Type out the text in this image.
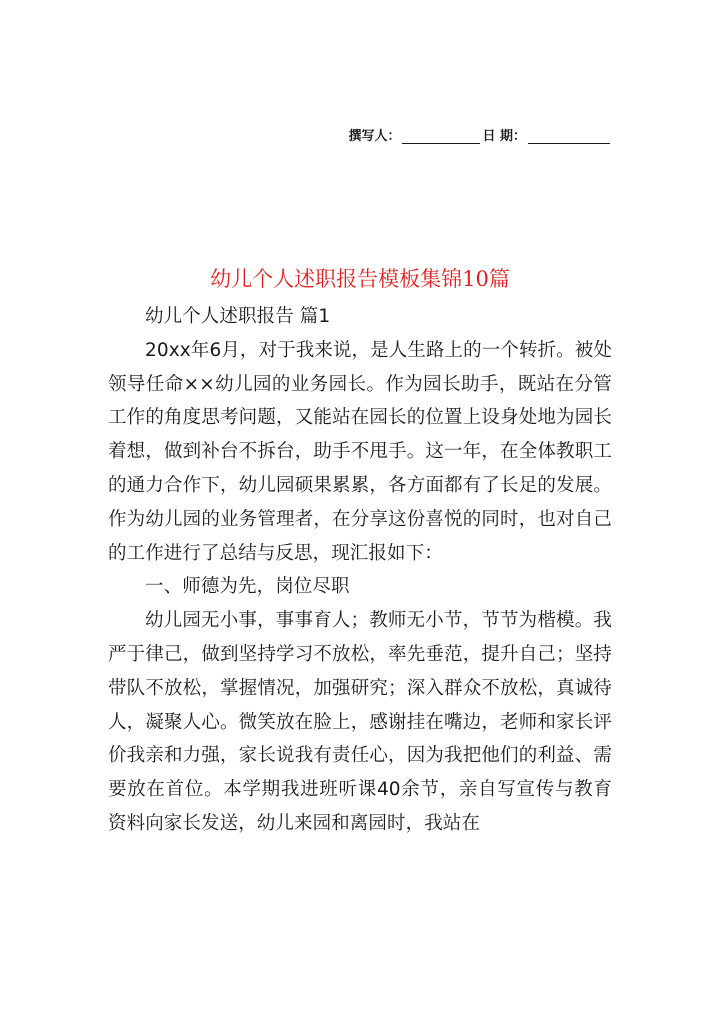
撰写人：	日 期：
幼儿个人述职报告模板集锦10篇

幼儿个人述职报告 篇1

20xx年6月，对于我来说，是人生路上的一个转折。被处领导任命××幼儿园的业务园长。作为园长助手，既站在分管工作的角度思考问题，又能站在园长的位置上设身处地为园长着想，做到补台不拆台，助手不甩手。这一年，在全体教职工的通力合作下，幼儿园硕果累累，各方面都有了长足的发展。作为幼儿园的业务管理者，在分享这份喜悦的同时，也对自己的工作进行了总结与反思，现汇报如下：

一、师德为先，岗位尽职

幼儿园无小事，事事育人；教师无小节，节节为楷模。我严于律己，做到坚持学习不放松，率先垂范，提升自己；坚持带队不放松，掌握情况，加强研究；深入群众不放松，真诚待人，凝聚人心。微笑放在脸上，感谢挂在嘴边，老师和家长评价我亲和力强，家长说我有责任心，因为我把他们的利益、需要放在首位。本学期我进班听课40余节，亲自写宣传与教育资料向家长发送，幼儿来园和离园时，我站在
